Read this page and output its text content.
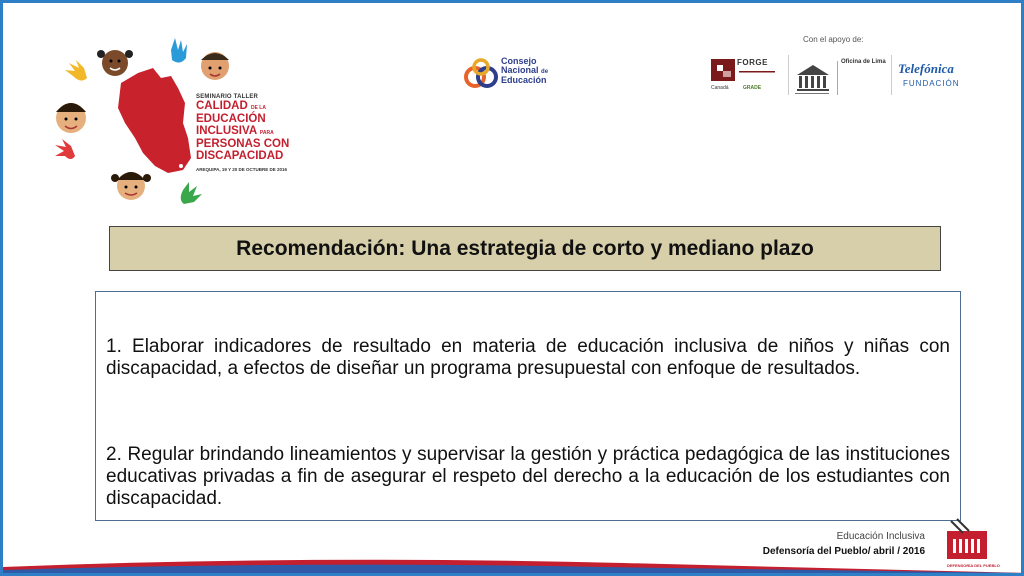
SEMINARIO TALLER
CALIDAD DE LA
EDUCACIÓN
INCLUSIVA PARA
PERSONAS CON
DISCAPACIDAD
AREQUIPA, 19 Y 20 DE OCTUBRE DE 2016
Consejo
Nacional de
Educación
Con el apoyo de:
FORGE
Canadá	GRADE
Oficina de Lima Telefónica
FUNDACIÓN
Recomendación: Una estrategia de corto y mediano plazo

1. Elaborar indicadores de resultado en materia de educación inclusiva de niños y niñas con discapacidad, a efectos de diseñar un programa presupuestal con enfoque de resultados.

2. Regular brindando lineamientos y supervisar la gestión y práctica pedagógica de las instituciones educativas privadas a fin de asegurar el respeto del derecho a la educación de los estudiantes con discapacidad.

Educación Inclusiva
Defensoría del Pueblo/ abril / 2016
DEFENSORÍA DEL PUEBLO
